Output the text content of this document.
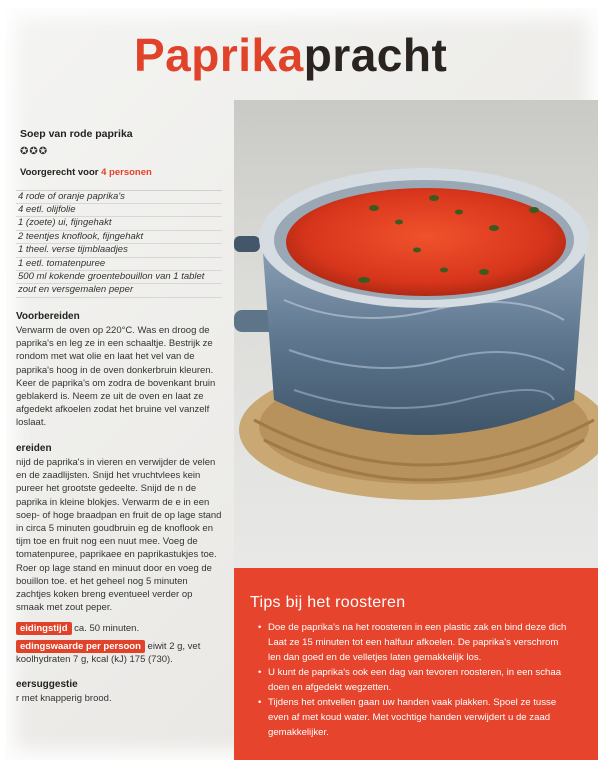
Paprikapracht
Soep van rode paprika
✪✪✪
Voorgerecht voor 4 personen
4 rode of oranje paprika's
4 eetl. olijfolie
1 (zoete) ui, fijngehakt
2 teentjes knoflook, fijngehakt
1 theel. verse tijmblaadjes
1 eetl. tomatenpuree
500 ml kokende groentebouillon van 1 tablet
zout en versgemalen peper
Voorbereiden

Verwarm de oven op 220°C. Was en droog de paprika's en leg ze in een schaaltje. Bestrijk ze rondom met wat olie en laat het vel van de paprika's hoog in de oven donkerbruin kleuren. Keer de paprika's om zodra de bovenkant bruin geblakerd is. Neem ze uit de oven en laat ze afgedekt afkoelen zodat het bruine vel vanzelf loslaat.

ereiden

nijd de paprika's in vieren en verwijder de velen en de zaadlijsten. Snijd het vruchtvlees kein pureer het grootste gedeelte. Snijd de n de paprika in kleine blokjes. Verwarm de e in een soep- of hoge braadpan en fruit de op lage stand in circa 5 minuten goudbruin eg de knoflook en tijm toe en fruit nog een nuut mee. Voeg de tomatenpuree, paprikaee en paprikastukjes toe. Roer op lage stand en minuut door en voeg de bouillon toe. et het geheel nog 5 minuten zachtjes koken breng eventueel verder op smaak met zout peper.

eidingstijd ca. 50 minuten.
edingswaarde per persoon eiwit 2 g, vet
koolhydraten 7 g, kcal (kJ) 175 (730).
eersuggestie

r met knapperig brood.

Tips bij het roosteren
• Doe de paprika's na het roosteren in een plastic zak en bind deze dich
Laat ze 15 minuten tot een halfuur afkoelen. De paprika's verschrom
len dan goed en de velletjes laten gemakkelijk los.
• U kunt de paprika's ook een dag van tevoren roosteren, in een schaa
doen en afgedekt wegzetten.
• Tijdens het ontvellen gaan uw handen vaak plakken. Spoel ze tusse
even af met koud water. Met vochtige handen verwijdert u de zaad
gemakkelijker.
